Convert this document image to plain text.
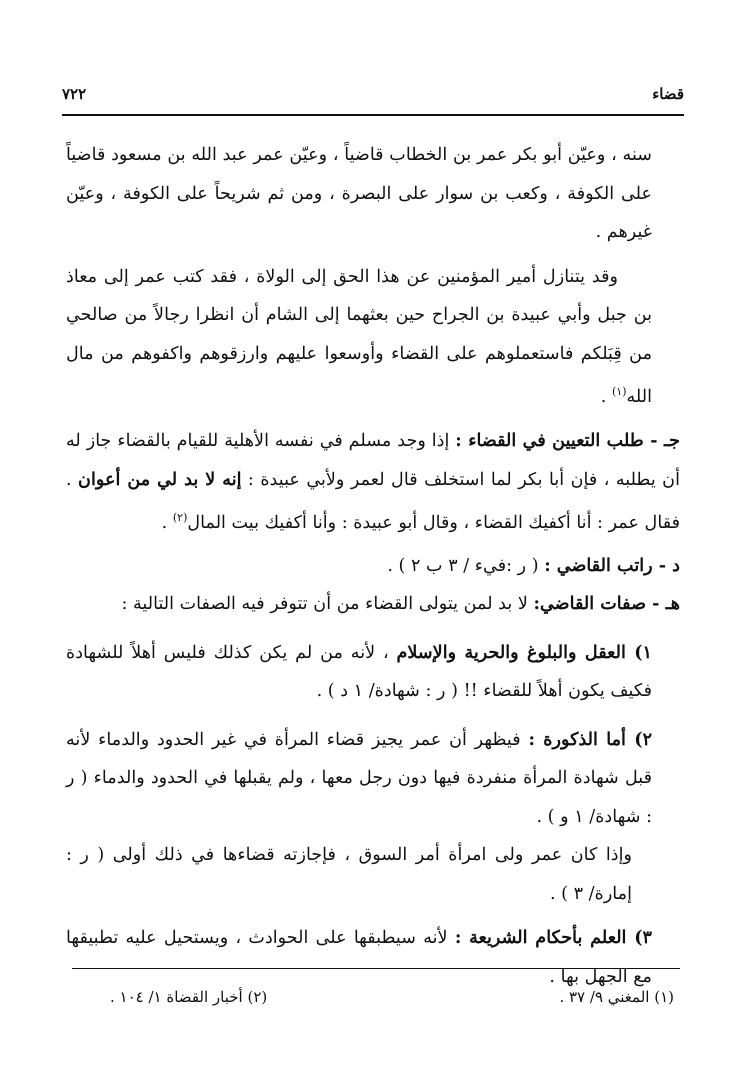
قضاء
٧٢٢

سنه ، وعيّن أبو بكر عمر بن الخطاب قاضياً ، وعيّن عمر عبد الله بن مسعود قاضياً على الكوفة ، وكعب بن سوار على البصرة ، ومن ثم شريحاً على الكوفة ، وعيّن غيرهم .

وقد يتنازل أمير المؤمنين عن هذا الحق إلى الولاة ، فقد كتب عمر إلى معاذ بن جبل وأبي عبيدة بن الجراح حين بعثهما إلى الشام أن انظرا رجالاً من صالحي من قِبَلكم فاستعملوهم على القضاء وأوسعوا عليهم وارزقوهم واكفوهم من مال الله$^{(١)}$ .

جـ - طلب التعيين في القضاء : إذا وجد مسلم في نفسه الأهلية للقيام بالقضاء جاز له أن يطلبه ، فإن أبا بكر لما استخلف قال لعمر ولأبي عبيدة : إنه لا بد لي من أعوان . فقال عمر : أنا أكفيك القضاء ، وقال أبو عبيدة : وأنا أكفيك بيت المال$^{(٢)}$ .

د - راتب القاضي : ( ر :فيء / ٣ ب ٢ ) .

هـ - صفات القاضي: لا بد لمن يتولى القضاء من أن تتوفر فيه الصفات التالية :

١) العقل والبلوغ والحرية والإسلام ، لأنه من لم يكن كذلك فليس أهلاً للشهادة فكيف يكون أهلاً للقضاء !! ( ر : شهادة/ ١ د ) .

٢) أما الذكورة : فيظهر أن عمر يجيز قضاء المرأة في غير الحدود والدماء لأنه قبل شهادة المرأة منفردة فيها دون رجل معها ، ولم يقبلها في الحدود والدماء ( ر : شهادة/ ١ و ) .

وإذا كان عمر ولى امرأة أمر السوق ، فإجازته قضاءها في ذلك أولى ( ر : إمارة/ ٣ ) .

٣) العلم بأحكام الشريعة : لأنه سيطبقها على الحوادث ، ويستحيل عليه تطبيقها مع الجهل بها .

(١) المغني ٩/ ٣٧ .
(٢) أخبار القضاة ١/ ١٠٤ .
